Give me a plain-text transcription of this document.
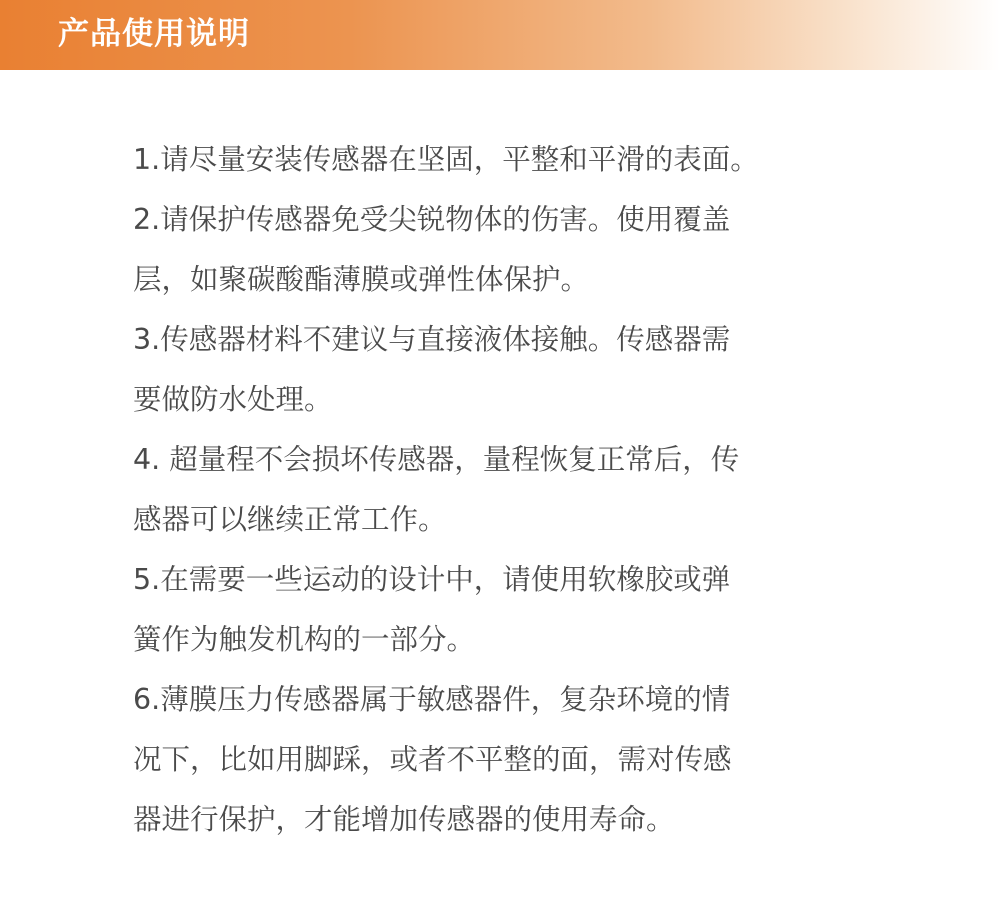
产品使用说明
1.请尽量安装传感器在坚固，平整和平滑的表面。
2.请保护传感器免受尖锐物体的伤害。使用覆盖
层，如聚碳酸酯薄膜或弹性体保护。
3.传感器材料不建议与直接液体接触。传感器需
要做防水处理。
4. 超量程不会损坏传感器，量程恢复正常后，传
感器可以继续正常工作。
5.在需要一些运动的设计中，请使用软橡胶或弹
簧作为触发机构的一部分。
6.薄膜压力传感器属于敏感器件，复杂环境的情
况下，比如用脚踩，或者不平整的面，需对传感
器进行保护，才能增加传感器的使用寿命。
